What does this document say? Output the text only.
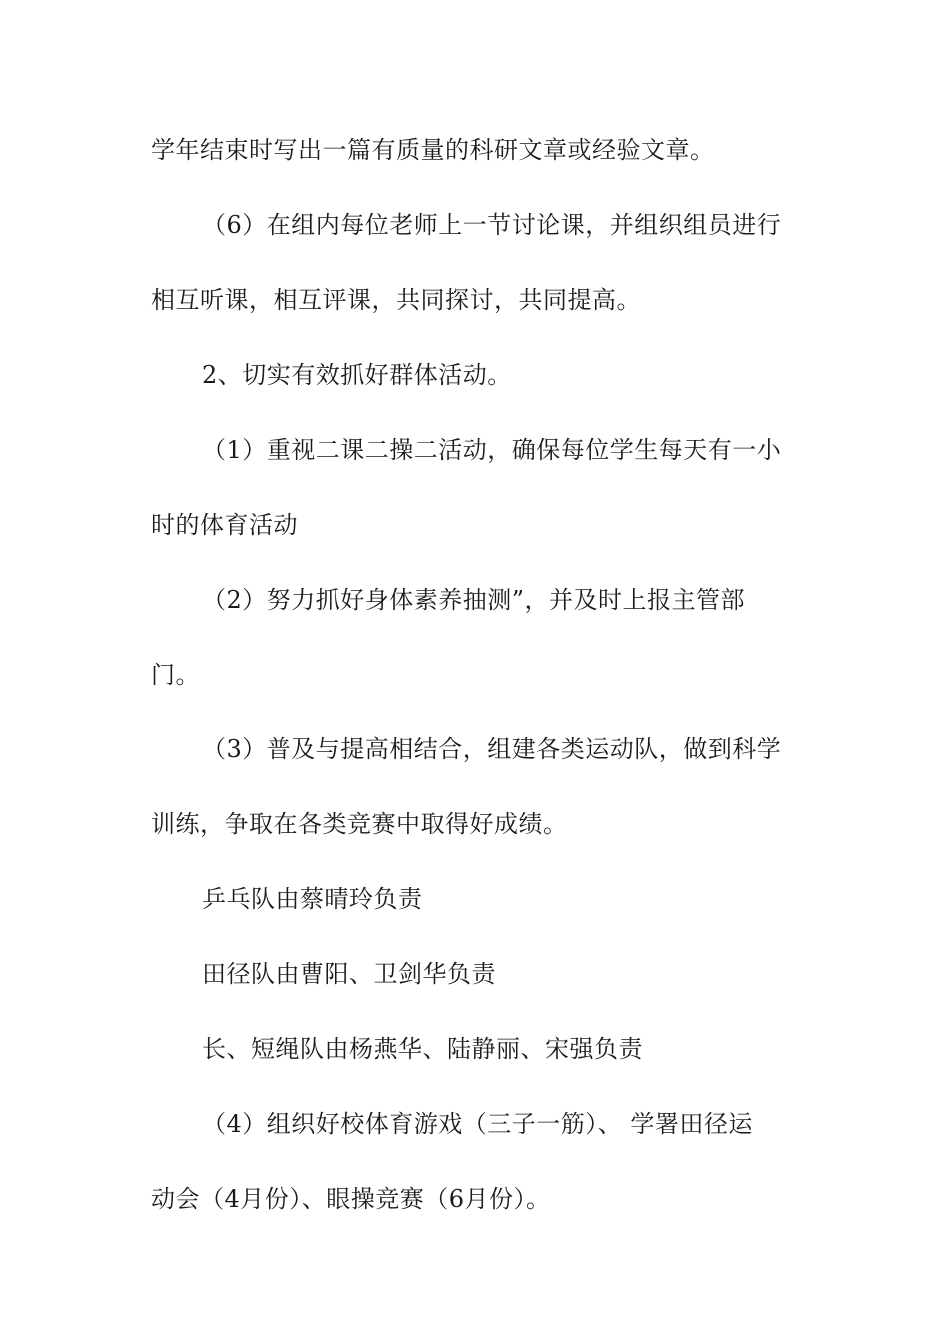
学年结束时写出一篇有质量的科研文章或经验文章。
（6）在组内每位老师上一节讨论课，并组织组员进行
相互听课，相互评课，共同探讨，共同提高。
2、切实有效抓好群体活动。
（1）重视二课二操二活动，确保每位学生每天有一小
时的体育活动
（2）努力抓好身体素养抽测”，并及时上报主管部
门。
（3）普及与提高相结合，组建各类运动队，做到科学
训练，争取在各类竞赛中取得好成绩。
乒乓队由蔡晴玲负责
田径队由曹阳、卫剑华负责
长、短绳队由杨燕华、陆静丽、宋强负责
（4）组织好校体育游戏（三子一筋）、 学署田径运
动会（4月份）、眼操竞赛（6月份）。
